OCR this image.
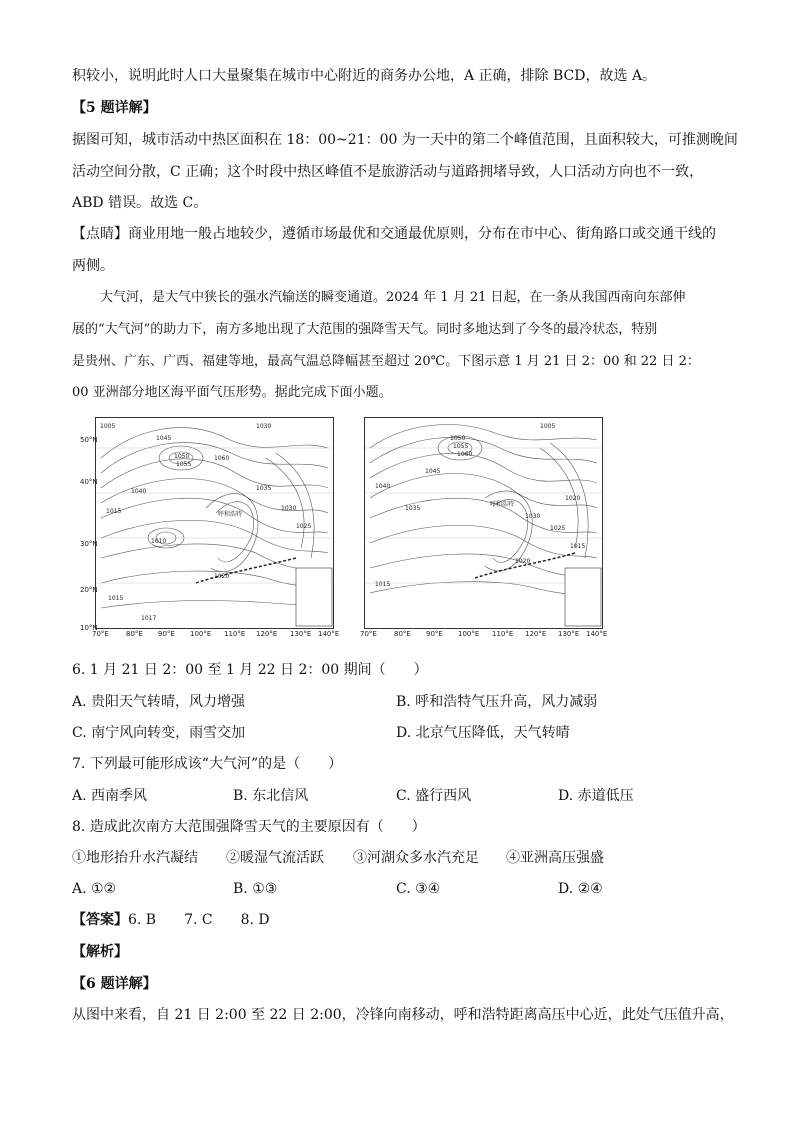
积较小，说明此时人口大量聚集在城市中心附近的商务办公地，A 正确，排除 BCD，故选 A。
【5 题详解】
据图可知，城市活动中热区面积在 18：00~21：00 为一天中的第二个峰值范围，且面积较大，可推测晚间
活动空间分散，C 正确；这个时段中热区峰值不是旅游活动与道路拥堵导致，人口活动方向也不一致，
ABD 错误。故选 C。
【点睛】商业用地一般占地较少，遵循市场最优和交通最优原则，分布在市中心、街角路口或交通干线的
两侧。
大气河，是大气中狭长的强水汽输送的瞬变通道。2024 年 1 月 21 日起，在一条从我国西南向东部伸
展的“大气河”的助力下，南方多地出现了大范围的强降雪天气。同时多地达到了今冬的最冷状态，特别
是贵州、广东、广西、福建等地，最高气温总降幅甚至超过 20℃。下图示意 1 月 21 日 2：00 和 22 日 2：
00 亚洲部分地区海平面气压形势。据此完成下面小题。
21日2:00	22日2:00
1005	1030
1045
1050
1055
1060
1040	1035
1030
1025
1020
1015
1010
1015
1017
呼和浩特
1005
1050
1055
1060
1045
1040
1035
1030
1025
1020
1015
1015
1020
呼和浩特
50°N
40°N
30°N
20°N
10°N
70°E 80°E 90°E 100°E 110°E 120°E 130°E 140°E	70°E 80°E 90°E 100°E 110°E 120°E 130°E 140°E
6. 1 月 21 日 2：00 至 1 月 22 日 2：00 期间（　　）
A. 贵阳天气转晴，风力增强	B. 呼和浩特气压升高，风力减弱
C. 南宁风向转变，雨雪交加	D. 北京气压降低，天气转晴
7. 下列最可能形成该“大气河”的是（　　）
A. 西南季风	B. 东北信风	C. 盛行西风	D. 赤道低压
8. 造成此次南方大范围强降雪天气的主要原因有（　　）
①地形抬升水汽凝结 ②暖湿气流活跃 ③河湖众多水汽充足 ④亚洲高压强盛
A. ①②	B. ①③	C. ③④	D. ②④
【答案】6. B　　7. C　　8. D
【解析】
【6 题详解】
从图中来看，自 21 日 2:00 至 22 日 2:00，冷锋向南移动，呼和浩特距离高压中心近，此处气压值升高，
